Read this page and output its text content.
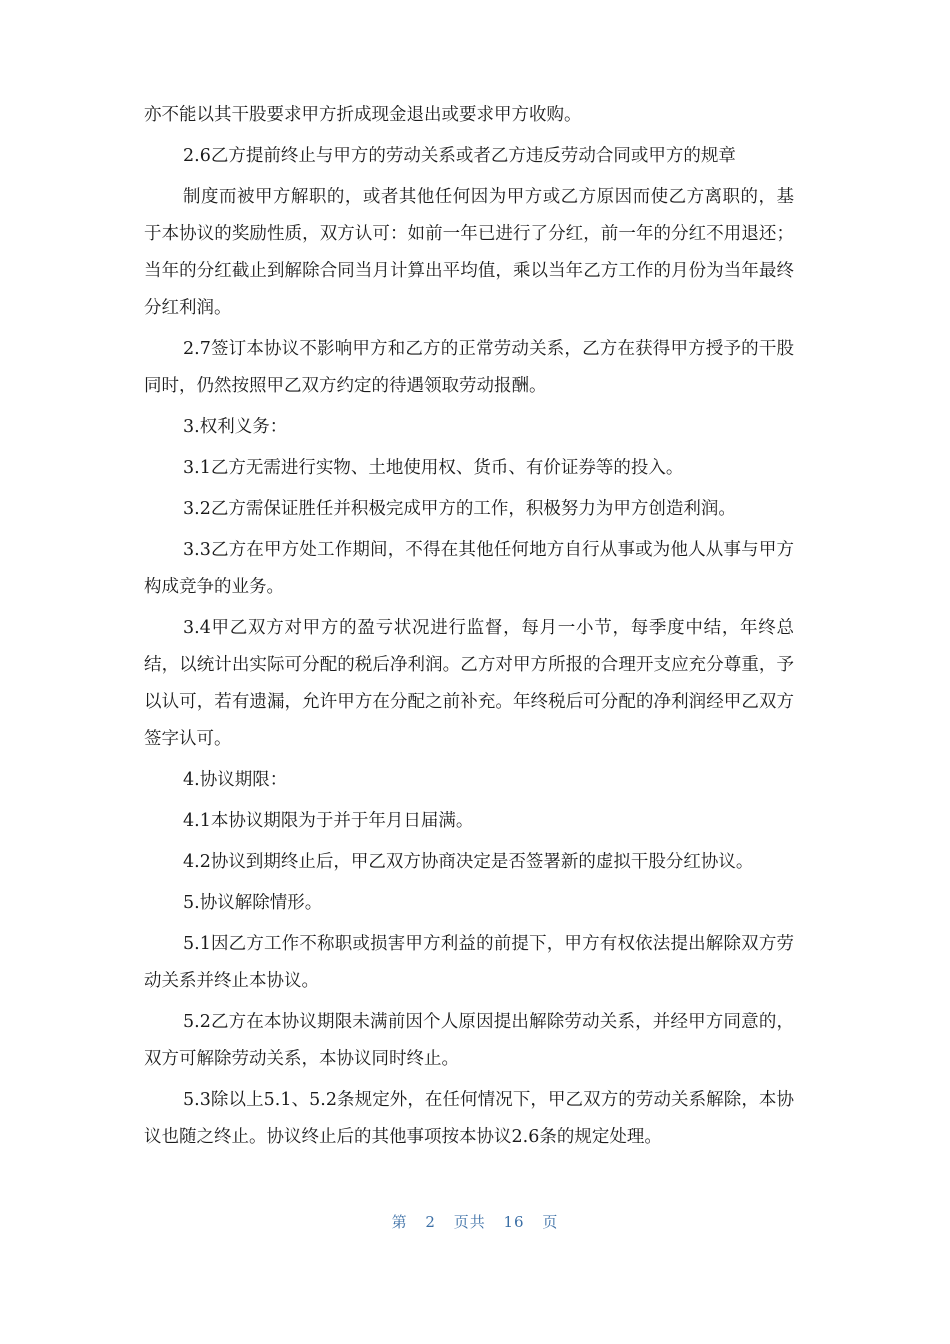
亦不能以其干股要求甲方折成现金退出或要求甲方收购。

2.6乙方提前终止与甲方的劳动关系或者乙方违反劳动合同或甲方的规章

制度而被甲方解职的，或者其他任何因为甲方或乙方原因而使乙方离职的，基于本协议的奖励性质，双方认可：如前一年已进行了分红，前一年的分红不用退还；当年的分红截止到解除合同当月计算出平均值，乘以当年乙方工作的月份为当年最终分红利润。

2.7签订本协议不影响甲方和乙方的正常劳动关系，乙方在获得甲方授予的干股同时，仍然按照甲乙双方约定的待遇领取劳动报酬。

3.权利义务：

3.1乙方无需进行实物、土地使用权、货币、有价证券等的投入。

3.2乙方需保证胜任并积极完成甲方的工作，积极努力为甲方创造利润。

3.3乙方在甲方处工作期间，不得在其他任何地方自行从事或为他人从事与甲方构成竞争的业务。

3.4甲乙双方对甲方的盈亏状况进行监督，每月一小节，每季度中结，年终总结，以统计出实际可分配的税后净利润。乙方对甲方所报的合理开支应充分尊重，予以认可，若有遗漏，允许甲方在分配之前补充。年终税后可分配的净利润经甲乙双方签字认可。

4.协议期限：

4.1本协议期限为于并于年月日届满。

4.2协议到期终止后，甲乙双方协商决定是否签署新的虚拟干股分红协议。

5.协议解除情形。

5.1因乙方工作不称职或损害甲方利益的前提下，甲方有权依法提出解除双方劳动关系并终止本协议。

5.2乙方在本协议期限未满前因个人原因提出解除劳动关系，并经甲方同意的，双方可解除劳动关系，本协议同时终止。

5.3除以上5.1、5.2条规定外，在任何情况下，甲乙双方的劳动关系解除，本协议也随之终止。协议终止后的其他事项按本协议2.6条的规定处理。

第 2 页共 16 页
